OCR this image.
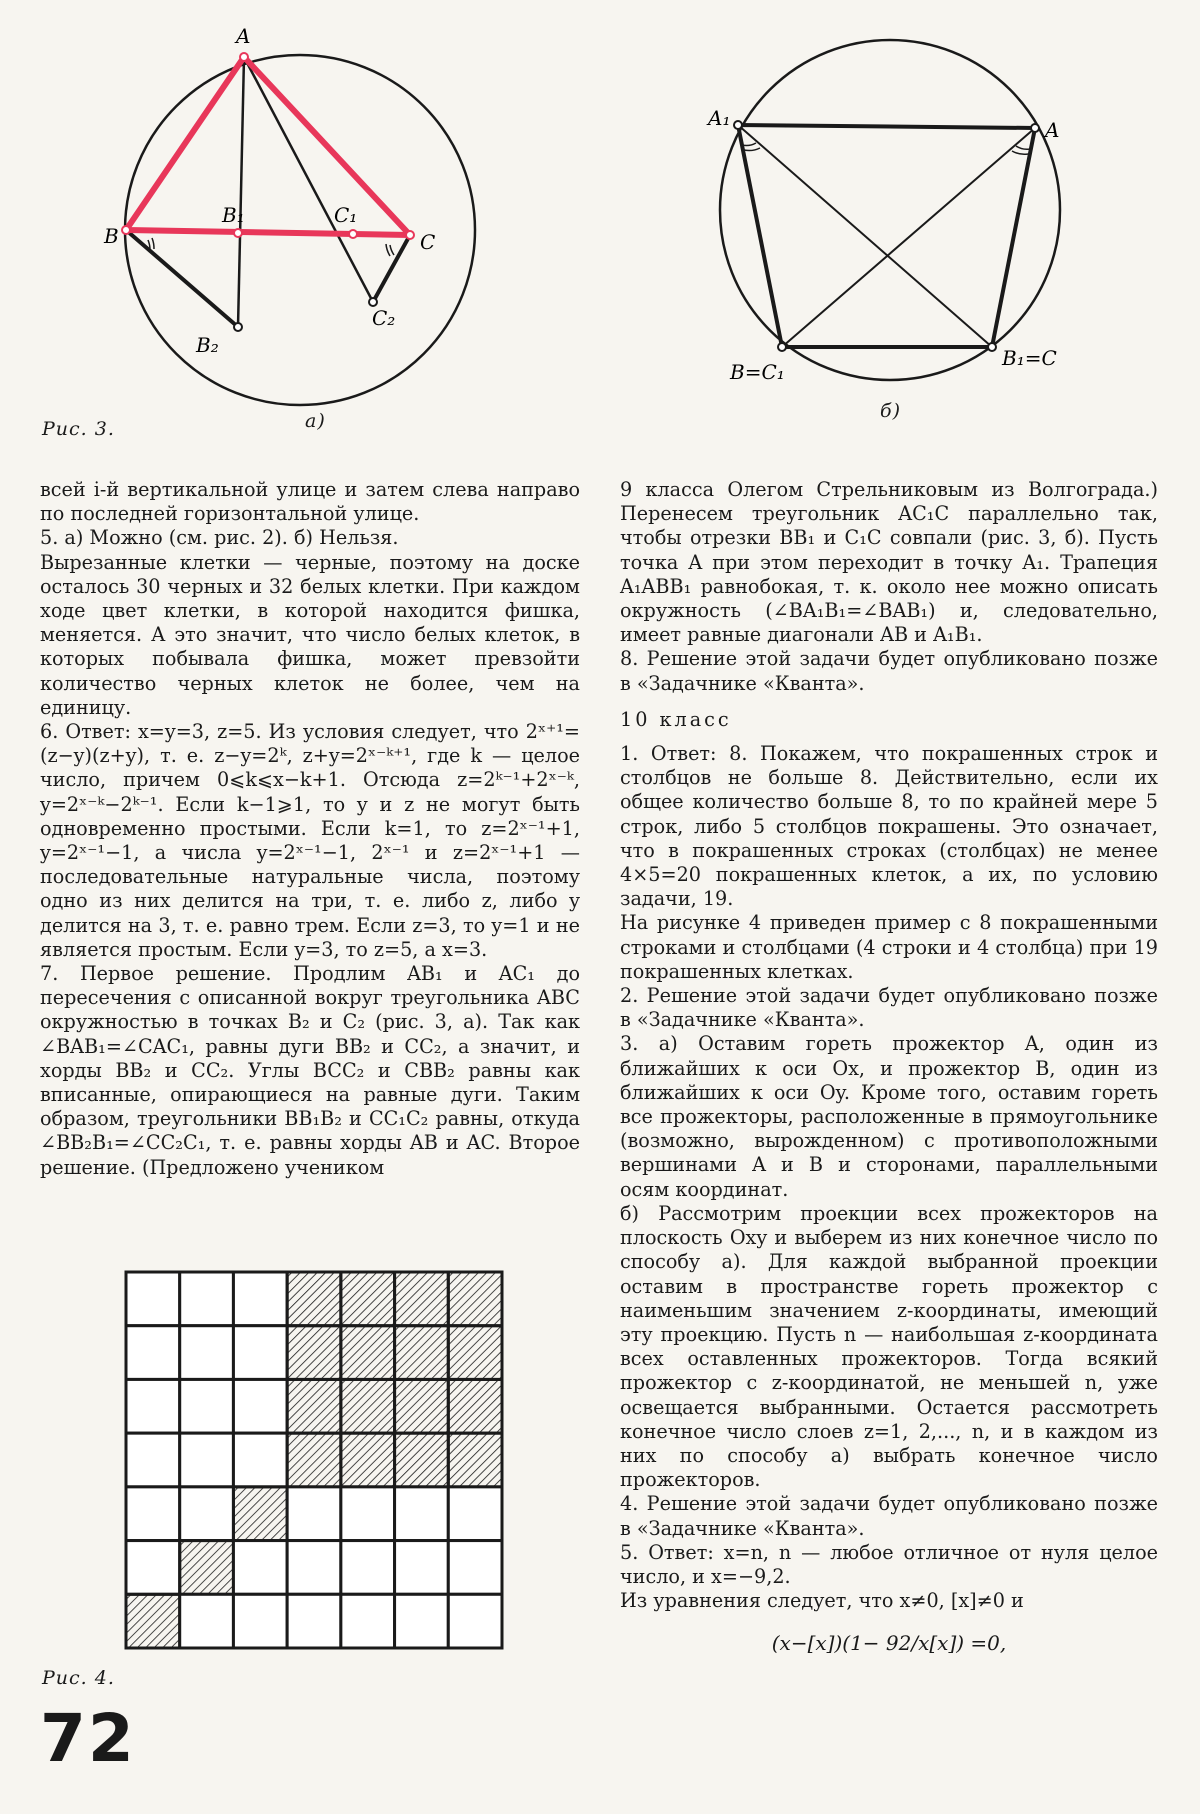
A
B	C
B₁	C₁
B₂
C₂
A₁	A
B=C₁
B₁=C
Рис. 3.	а)	б)

всей i-й вертикальной улице и затем слева направо по последней горизонтальной улице.

5. а) Можно (см. рис. 2). б) Нельзя.

Вырезанные клетки — черные, поэтому на доске осталось 30 черных и 32 белых клетки. При каждом ходе цвет клетки, в которой находится фишка, меняется. А это значит, что число белых клеток, в которых побывала фишка, может превзойти количество черных клеток не более, чем на единицу.

6. Ответ: x=y=3, z=5. Из условия следует, что 2ˣ⁺¹=(z−y)(z+y), т. е. z−y=2ᵏ, z+y=2ˣ⁻ᵏ⁺¹, где k — целое число, причем 0⩽k⩽x−k+1. Отсюда z=2ᵏ⁻¹+2ˣ⁻ᵏ, y=2ˣ⁻ᵏ−2ᵏ⁻¹. Если k−1⩾1, то y и z не могут быть одновременно простыми. Если k=1, то z=2ˣ⁻¹+1, y=2ˣ⁻¹−1, а числа y=2ˣ⁻¹−1, 2ˣ⁻¹ и z=2ˣ⁻¹+1 — последовательные натуральные числа, поэтому одно из них делится на три, т. е. либо z, либо y делится на 3, т. е. равно трем. Если z=3, то y=1 и не является простым. Если y=3, то z=5, а x=3.

7. Первое решение. Продлим AB₁ и AC₁ до пересечения с описанной вокруг треугольника ABC окружностью в точках B₂ и C₂ (рис. 3, а). Так как ∠BAB₁=∠CAC₁, равны дуги BB₂ и CC₂, а значит, и хорды BB₂ и CC₂. Углы BCC₂ и CBB₂ равны как вписанные, опирающиеся на равные дуги. Таким образом, треугольники BB₁B₂ и CC₁C₂ равны, откуда ∠BB₂B₁=∠CC₂C₁, т. е. равны хорды AB и AC. Второе решение. (Предложено учеником

Рис. 4.

9 класса Олегом Стрельниковым из Волгограда.) Перенесем треугольник AC₁C параллельно так, чтобы отрезки BB₁ и C₁C совпали (рис. 3, б). Пусть точка A при этом переходит в точку A₁. Трапеция A₁ABB₁ равнобокая, т. к. около нее можно описать окружность (∠BA₁B₁=∠BAB₁) и, следовательно, имеет равные диагонали AB и A₁B₁.

8. Решение этой задачи будет опубликовано позже в «Задачнике «Кванта».

10 класс

1. Ответ: 8. Покажем, что покрашенных строк и столбцов не больше 8. Действительно, если их общее количество больше 8, то по крайней мере 5 строк, либо 5 столбцов покрашены. Это означает, что в покрашенных строках (столбцах) не менее 4×5=20 покрашенных клеток, а их, по условию задачи, 19.

На рисунке 4 приведен пример с 8 покрашенными строками и столбцами (4 строки и 4 столбца) при 19 покрашенных клетках.

2. Решение этой задачи будет опубликовано позже в «Задачнике «Кванта».

3. а) Оставим гореть прожектор A, один из ближайших к оси Ox, и прожектор B, один из ближайших к оси Oy. Кроме того, оставим гореть все прожекторы, расположенные в прямоугольнике (возможно, вырожденном) с противоположными вершинами A и B и сторонами, параллельными осям координат.

б) Рассмотрим проекции всех прожекторов на плоскость Oxy и выберем из них конечное число по способу а). Для каждой выбранной проекции оставим в пространстве гореть прожектор с наименьшим значением z-координаты, имеющий эту проекцию. Пусть n — наибольшая z-координата всех оставленных прожекторов. Тогда всякий прожектор с z-координатой, не меньшей n, уже освещается выбранными. Остается рассмотреть конечное число слоев z=1, 2,..., n, и в каждом из них по способу а) выбрать конечное число прожекторов.

4. Решение этой задачи будет опубликовано позже в «Задачнике «Кванта».

5. Ответ: x=n, n — любое отличное от нуля целое число, и x=−9,2.

Из уравнения следует, что x≠0, [x]≠0 и

(x−[x])(1− 92/x[x]) =0,
72
